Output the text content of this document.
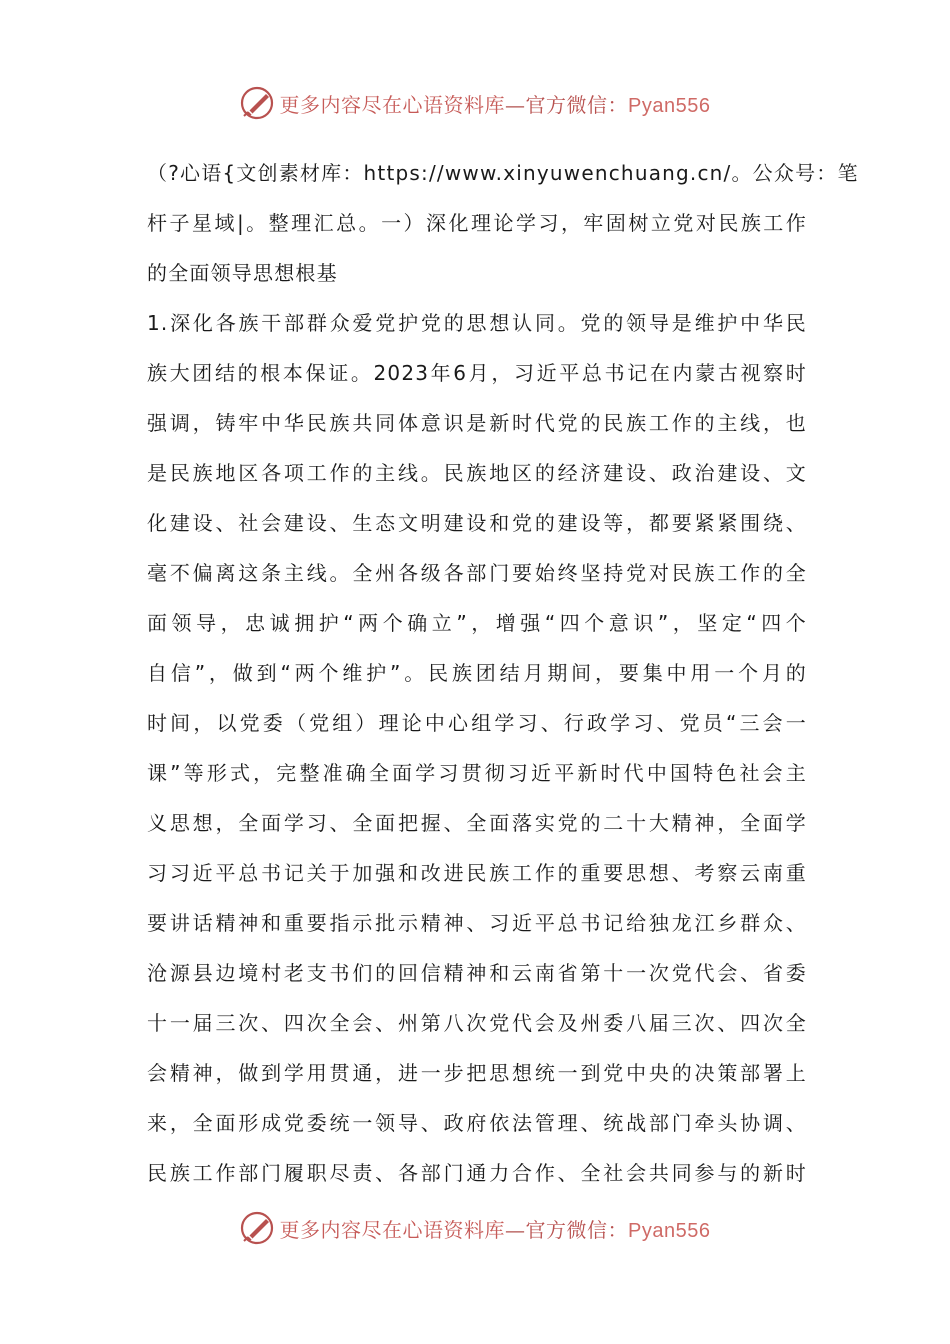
更多内容尽在心语资料库—官方微信：Pyan556
（?心语{文创素材库：https://www.xinyuwenchuang.cn/。公众号：笔
杆子星域|。整理汇总。一）深化理论学习，牢固树立党对民族工作
的全面领导思想根基
1.深化各族干部群众爱党护党的思想认同。党的领导是维护中华民
族大团结的根本保证。2023年6月，习近平总书记在内蒙古视察时
强调，铸牢中华民族共同体意识是新时代党的民族工作的主线，也
是民族地区各项工作的主线。民族地区的经济建设、政治建设、文
化建设、社会建设、生态文明建设和党的建设等，都要紧紧围绕、
毫不偏离这条主线。全州各级各部门要始终坚持党对民族工作的全
面领导，忠诚拥护“两个确立”，增强“四个意识”，坚定“四个
自信”，做到“两个维护”。民族团结月期间，要集中用一个月的
时间，以党委（党组）理论中心组学习、行政学习、党员“三会一
课”等形式，完整准确全面学习贯彻习近平新时代中国特色社会主
义思想，全面学习、全面把握、全面落实党的二十大精神，全面学
习习近平总书记关于加强和改进民族工作的重要思想、考察云南重
要讲话精神和重要指示批示精神、习近平总书记给独龙江乡群众、
沧源县边境村老支书们的回信精神和云南省第十一次党代会、省委
十一届三次、四次全会、州第八次党代会及州委八届三次、四次全
会精神，做到学用贯通，进一步把思想统一到党中央的决策部署上
来，全面形成党委统一领导、政府依法管理、统战部门牵头协调、
民族工作部门履职尽责、各部门通力合作、全社会共同参与的新时
更多内容尽在心语资料库—官方微信：Pyan556
